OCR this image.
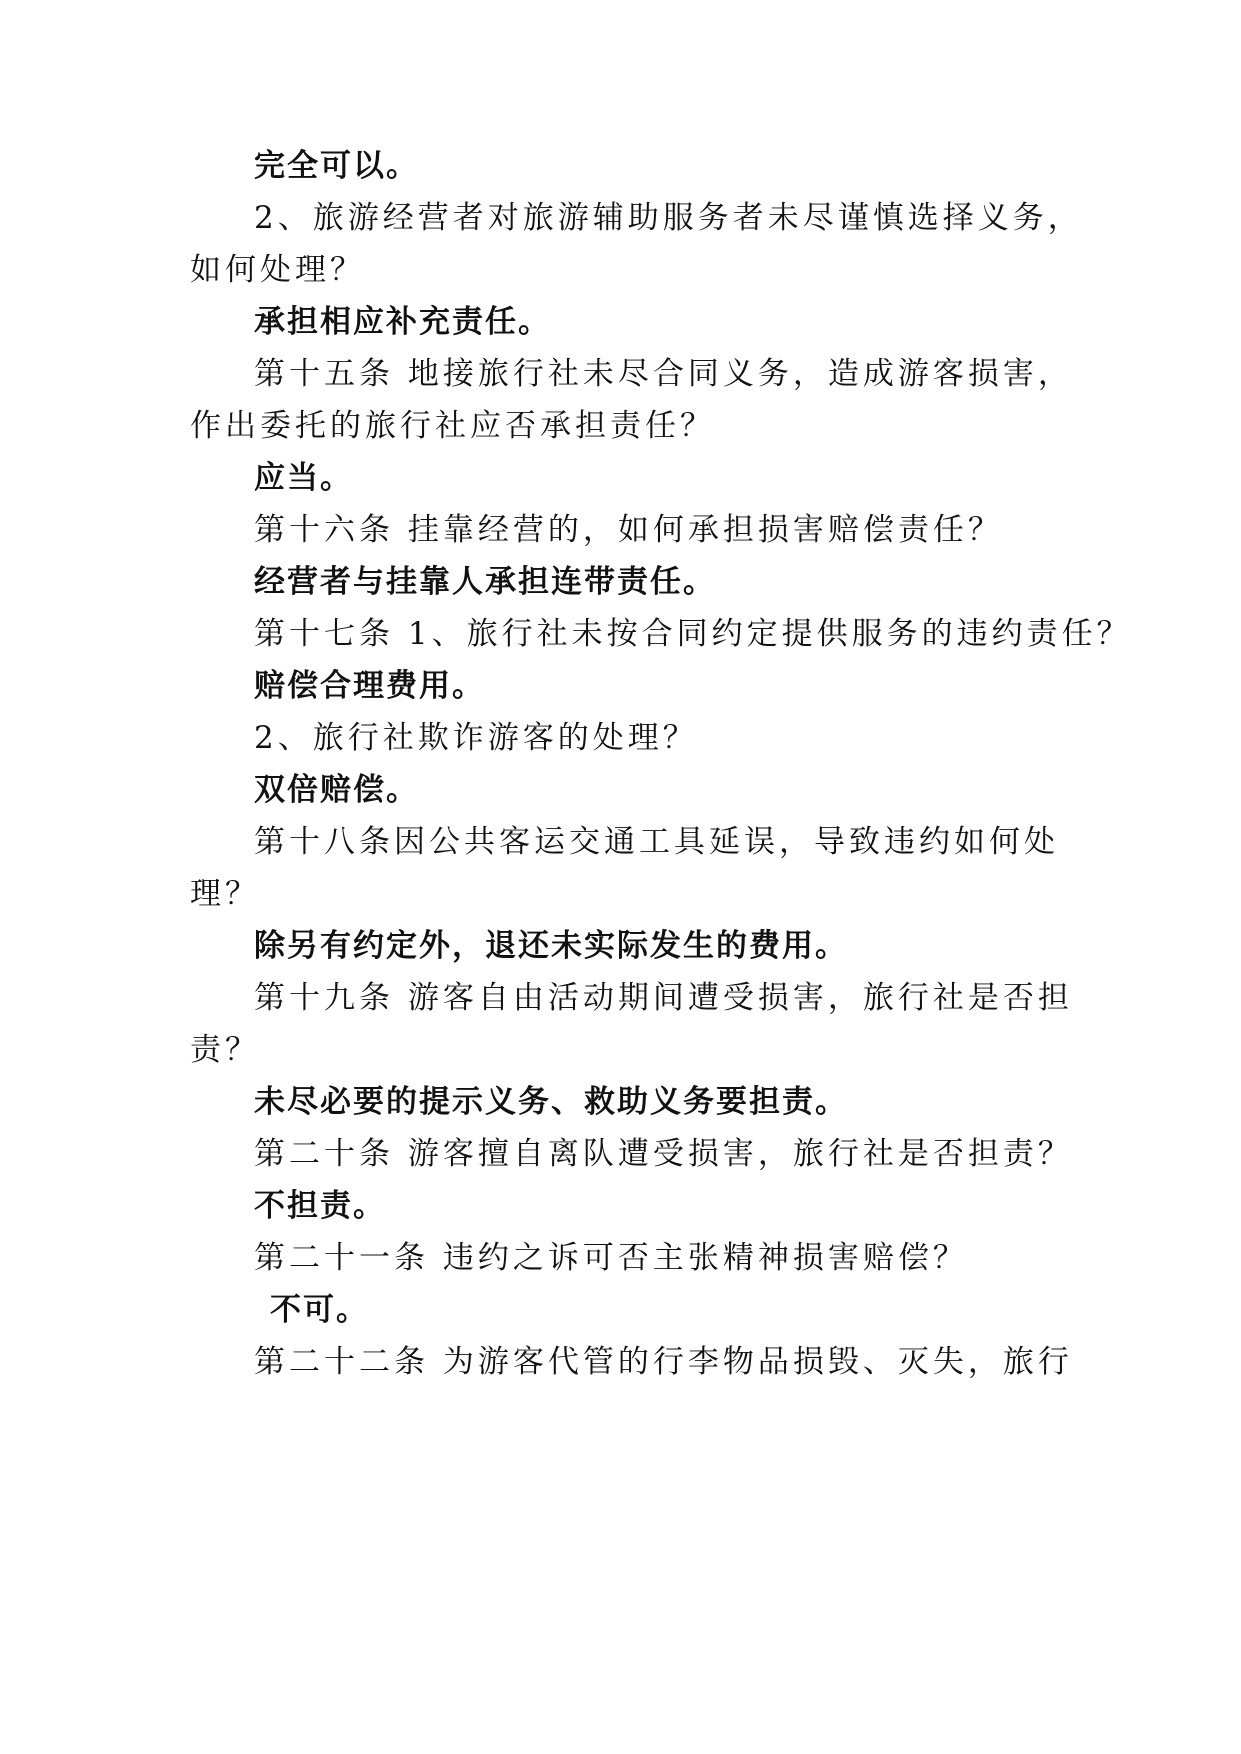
完全可以。
2、旅游经营者对旅游辅助服务者未尽谨慎选择义务，
如何处理？
承担相应补充责任。
第十五条 地接旅行社未尽合同义务，造成游客损害，
作出委托的旅行社应否承担责任？
应当。
第十六条 挂靠经营的，如何承担损害赔偿责任？
经营者与挂靠人承担连带责任。
第十七条 1、旅行社未按合同约定提供服务的违约责任？
赔偿合理费用。
2、旅行社欺诈游客的处理？
双倍赔偿。
第十八条因公共客运交通工具延误，导致违约如何处
理？
除另有约定外，退还未实际发生的费用。
第十九条 游客自由活动期间遭受损害，旅行社是否担
责？
未尽必要的提示义务、救助义务要担责。
第二十条 游客擅自离队遭受损害，旅行社是否担责？
不担责。
第二十一条 违约之诉可否主张精神损害赔偿？
不可。
第二十二条 为游客代管的行李物品损毁、灭失，旅行
